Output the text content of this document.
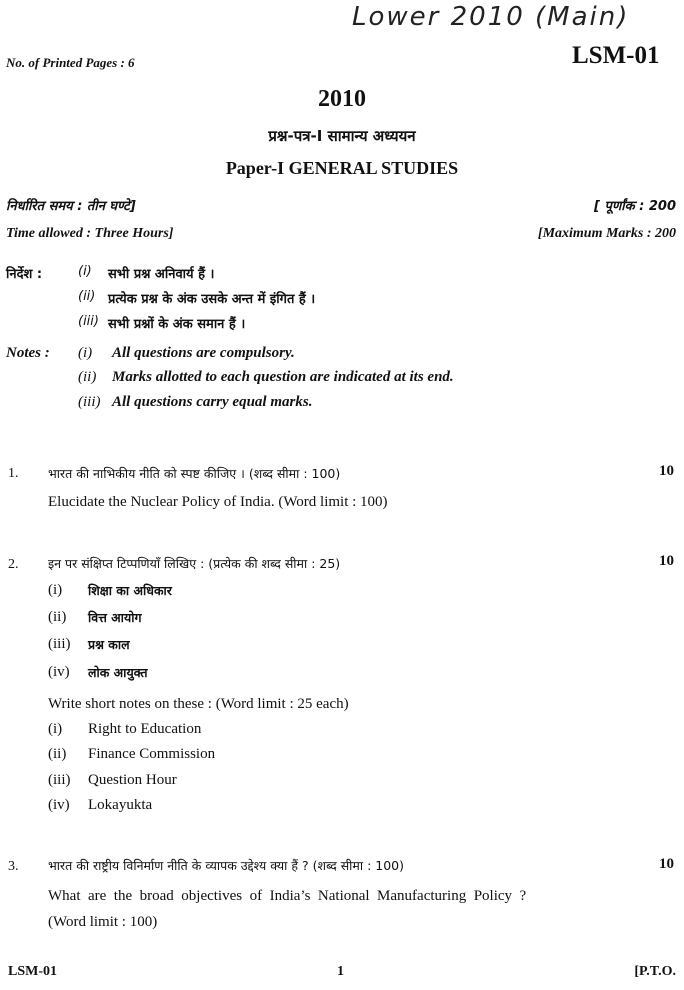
Lower 2010 (Main)
No. of Printed Pages : 6	LSM-01
2010
प्रश्न-पत्र-I सामान्य अध्ययन
Paper-I GENERAL STUDIES
निर्धारित समय : तीन घण्टे]	[ पूर्णांक : 200
Time allowed : Three Hours]	[Maximum Marks : 200
निर्देश :	(i) सभी प्रश्न अनिवार्य हैं ।
(ii) प्रत्येक प्रश्न के अंक उसके अन्त में इंगित हैं ।
(iii) सभी प्रश्नों के अंक समान हैं ।
Notes : (i) All questions are compulsory.
(ii) Marks allotted to each question are indicated at its end.
(iii) All questions carry equal marks.
1. भारत की नाभिकीय नीति को स्पष्ट कीजिए । (शब्द सीमा : 100)	10
Elucidate the Nuclear Policy of India. (Word limit : 100)
2. इन पर संक्षिप्त टिप्पणियाँ लिखिए : (प्रत्येक की शब्द सीमा : 25)	10
(i) शिक्षा का अधिकार
(ii) वित्त आयोग
(iii) प्रश्न काल
(iv) लोक आयुक्त
Write short notes on these : (Word limit : 25 each)
(i) Right to Education
(ii) Finance Commission
(iii) Question Hour
(iv) Lokayukta
3. भारत की राष्ट्रीय विनिर्माण नीति के व्यापक उद्देश्य क्या हैं ? (शब्द सीमा : 100)	10
What  are  the  broad  objectives  of  India’s  National  Manufacturing  Policy  ?
(Word limit : 100)
LSM-01	1	[P.T.O.
